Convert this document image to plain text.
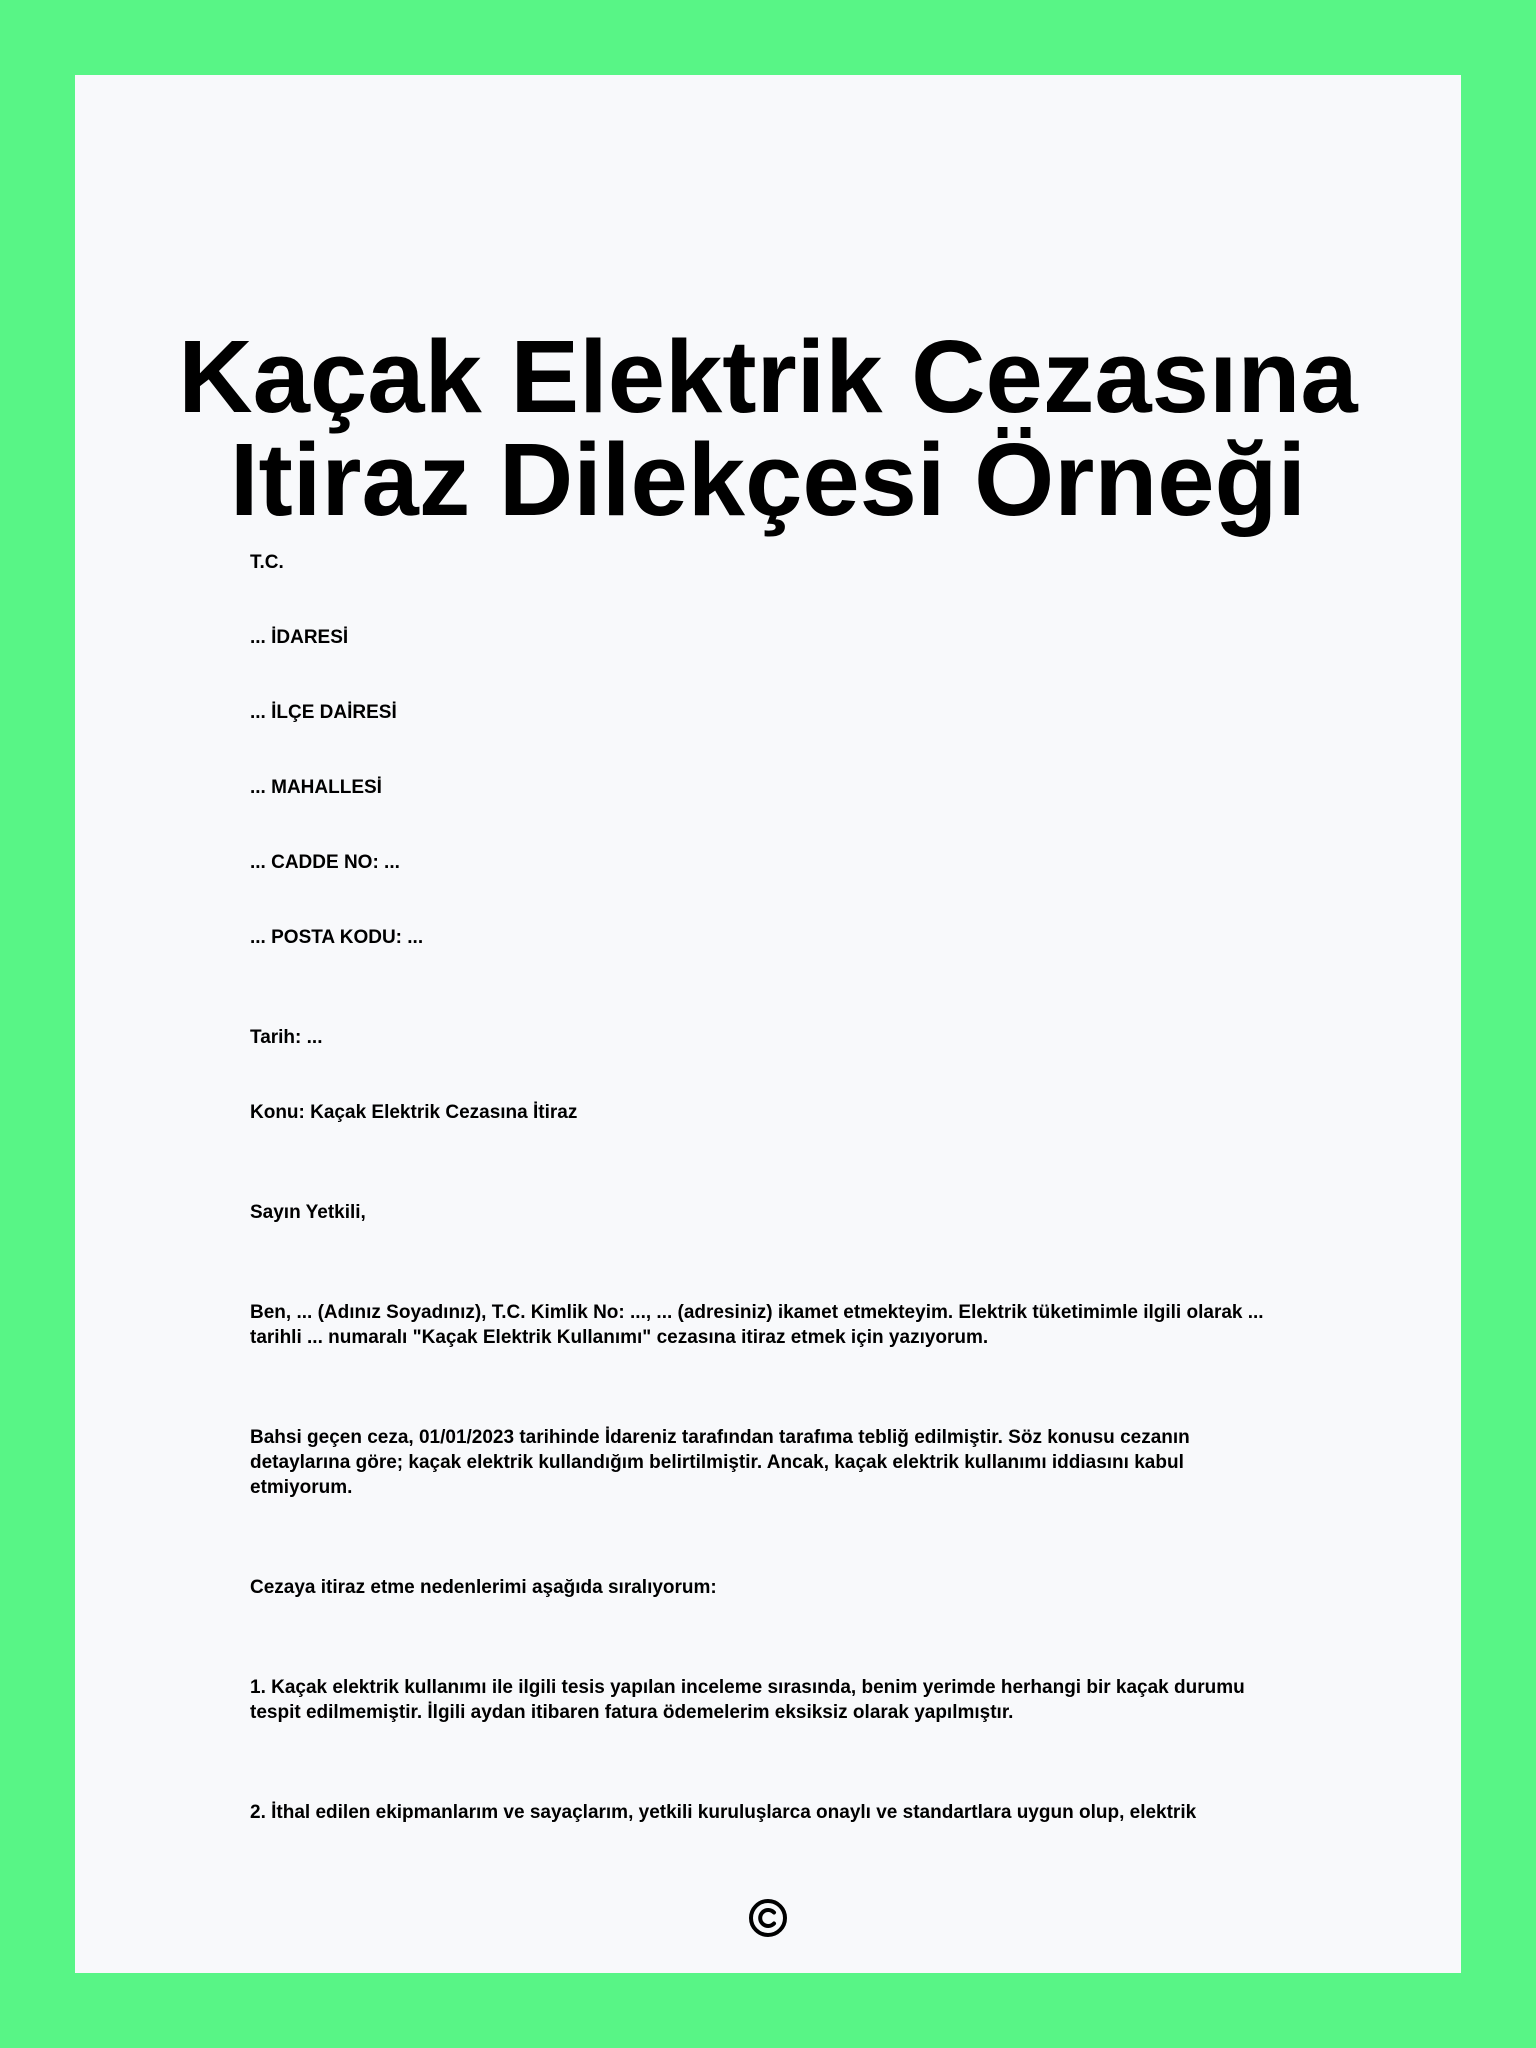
Kaçak Elektrik Cezasına
Itiraz Dilekçesi Örneği

T.C.

... İDARESİ

... İLÇE DAİRESİ

... MAHALLESİ

... CADDE NO: ...

... POSTA KODU: ...

Tarih: ...

Konu: Kaçak Elektrik Cezasına İtiraz

Sayın Yetkili,

Ben, ... (Adınız Soyadınız), T.C. Kimlik No: ..., ... (adresiniz) ikamet etmekteyim. Elektrik tüketimimle ilgili olarak ... tarihli ... numaralı "Kaçak Elektrik Kullanımı" cezasına itiraz etmek için yazıyorum.

Bahsi geçen ceza, 01/01/2023 tarihinde İdareniz tarafından tarafıma tebliğ edilmiştir. Söz konusu cezanın detaylarına göre; kaçak elektrik kullandığım belirtilmiştir. Ancak, kaçak elektrik kullanımı iddiasını kabul etmiyorum.

Cezaya itiraz etme nedenlerimi aşağıda sıralıyorum:

1. Kaçak elektrik kullanımı ile ilgili tesis yapılan inceleme sırasında, benim yerimde herhangi bir kaçak durumu tespit edilmemiştir. İlgili aydan itibaren fatura ödemelerim eksiksiz olarak yapılmıştır.

2. İthal edilen ekipmanlarım ve sayaçlarım, yetkili kuruluşlarca onaylı ve standartlara uygun olup, elektrik
